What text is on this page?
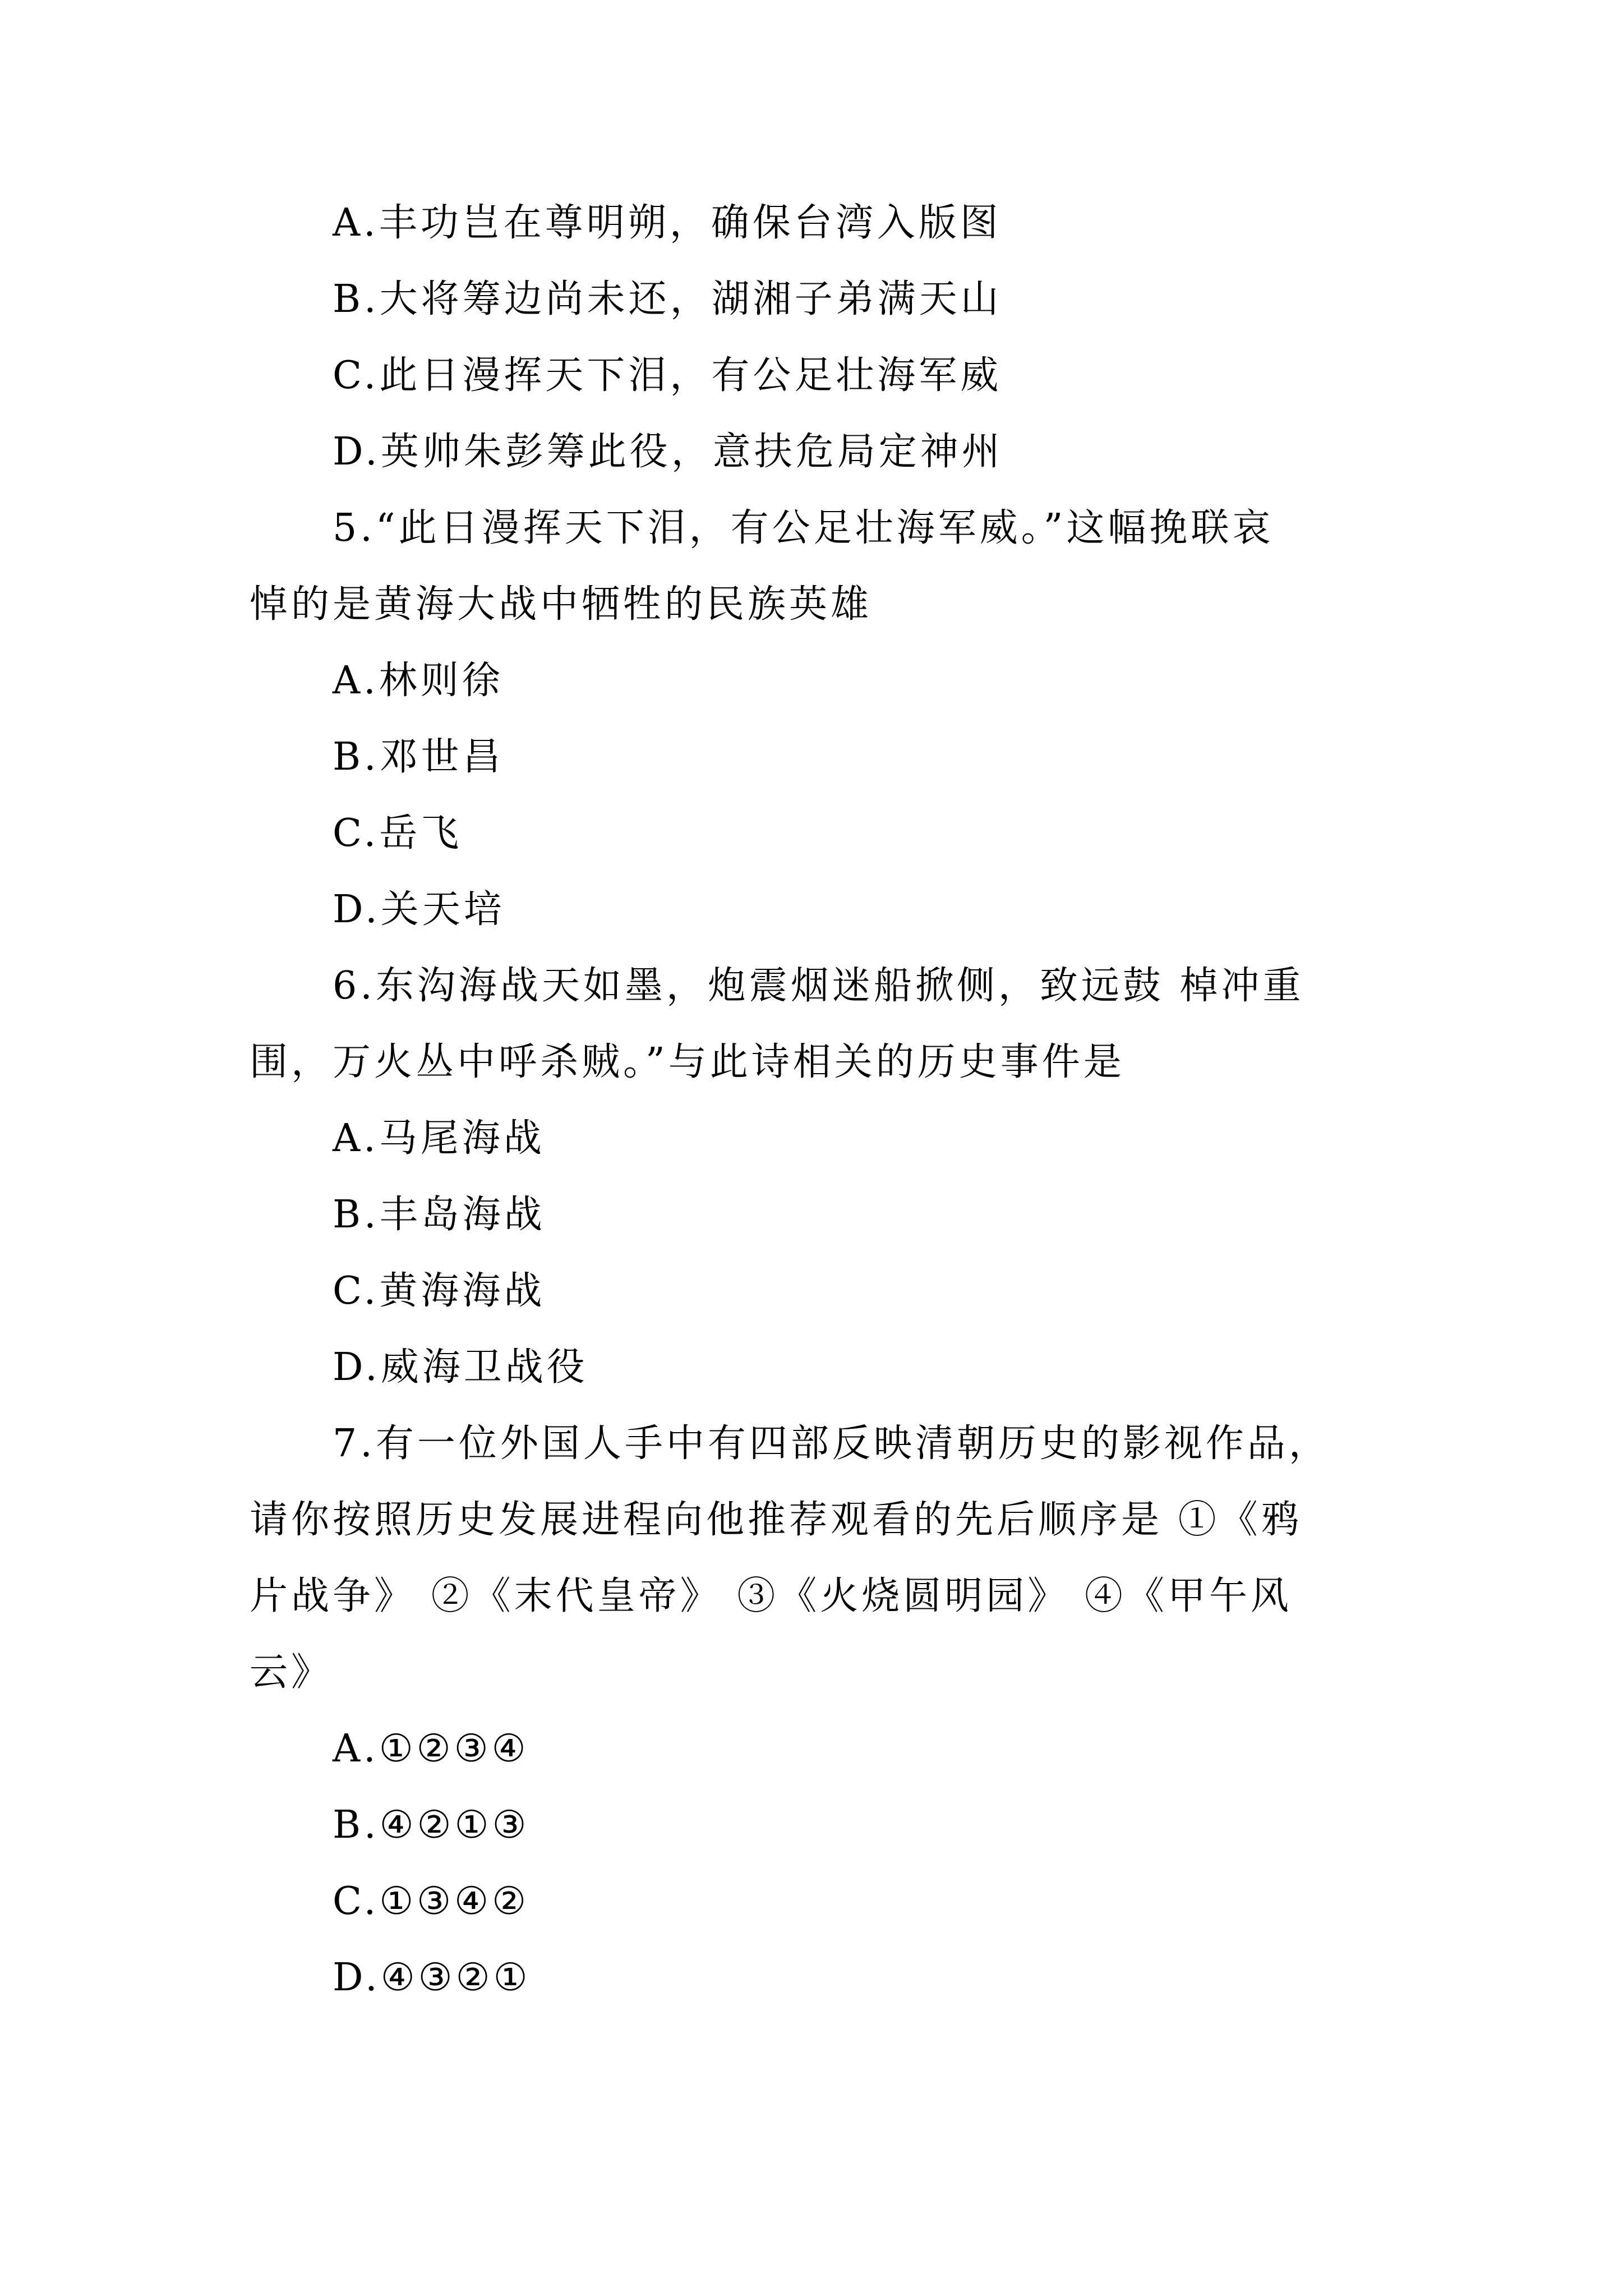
A.丰功岂在尊明朔，确保台湾入版图
B.大将筹边尚未还，湖湘子弟满天山
C.此日漫挥天下泪，有公足壮海军威
D.英帅朱彭筹此役，意扶危局定神州
5.“此日漫挥天下泪，有公足壮海军威。”这幅挽联哀
悼的是黄海大战中牺牲的民族英雄
A.林则徐
B.邓世昌
C.岳飞
D.关天培
6.东沟海战天如墨，炮震烟迷船掀侧，致远鼓 棹冲重
围，万火丛中呼杀贼。”与此诗相关的历史事件是
A.马尾海战
B.丰岛海战
C.黄海海战
D.威海卫战役
7.有一位外国人手中有四部反映清朝历史的影视作品，
请你按照历史发展进程向他推荐观看的先后顺序是 ①《鸦
片战争》 ②《末代皇帝》 ③《火烧圆明园》 ④《甲午风
云》
A.①②③④
B.④②①③
C.①③④②
D.④③②①
